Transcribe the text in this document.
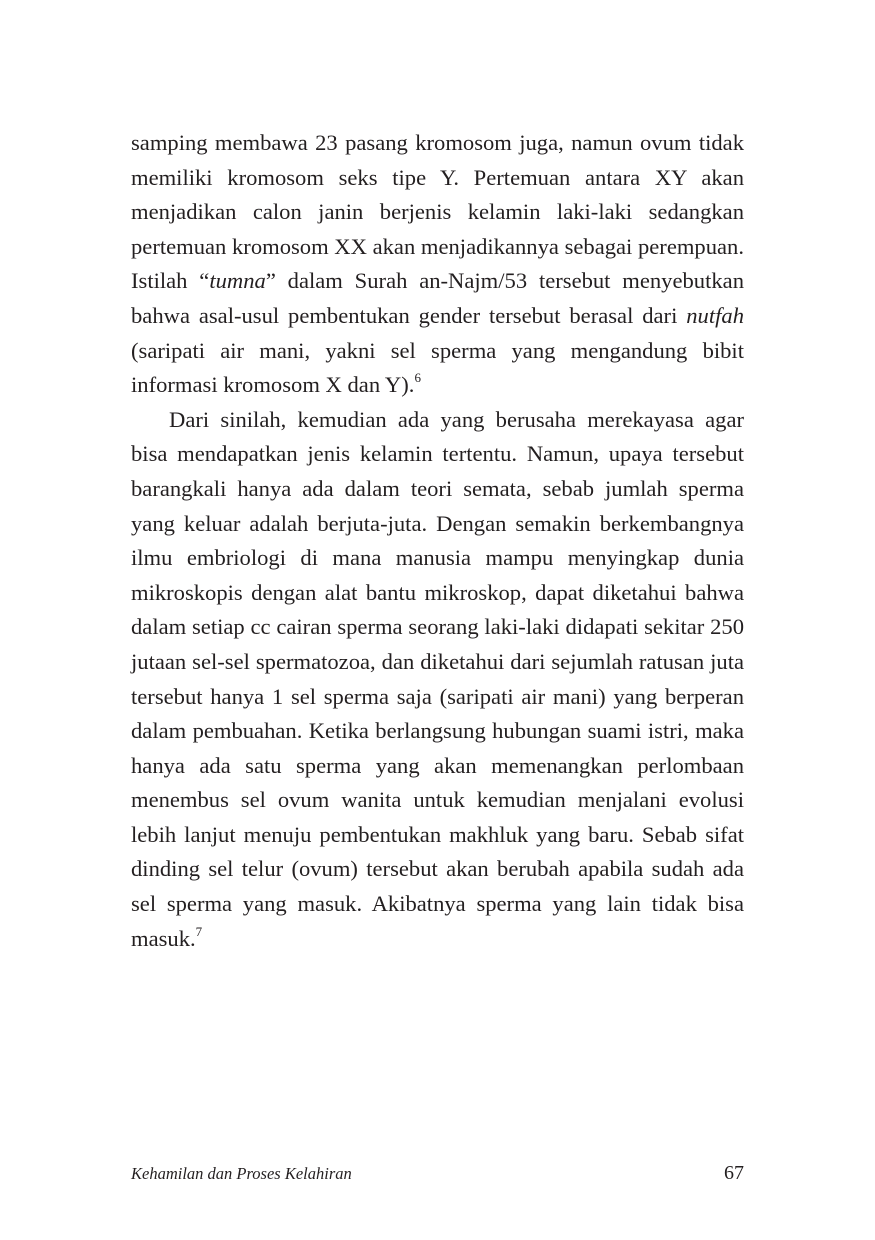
samping membawa 23 pasang kromosom juga, namun ovum tidak memiliki kromosom seks tipe Y. Pertemuan antara XY akan menjadikan calon janin berjenis kelamin laki-laki sedangkan pertemuan kromosom XX akan menjadikannya sebagai perempuan. Istilah “tumna” dalam Surah an-Najm/53 tersebut menyebutkan bahwa asal-usul pembentukan gender tersebut berasal dari nutfah (saripati air mani, yakni sel sperma yang mengandung bibit informasi kromosom X dan Y).$^6$

Dari sinilah, kemudian ada yang berusaha merekayasa agar bisa mendapatkan jenis kelamin tertentu. Namun, upaya tersebut barangkali hanya ada dalam teori semata, sebab jumlah sperma yang keluar adalah berjuta-juta. Dengan semakin berkembangnya ilmu embriologi di mana manusia mampu menyingkap dunia mikroskopis dengan alat bantu mikroskop, dapat diketahui bahwa dalam setiap cc cairan sperma seorang laki-laki didapati sekitar 250 jutaan sel-sel spermatozoa, dan diketahui dari sejumlah ratusan juta tersebut hanya 1 sel sperma saja (saripati air mani) yang berperan dalam pembuahan. Ketika berlangsung hubungan suami istri, maka hanya ada satu sperma yang akan memenangkan perlombaan menembus sel ovum wanita untuk kemudian menjalani evolusi lebih lanjut menuju pembentukan makhluk yang baru. Sebab sifat dinding sel telur (ovum) tersebut akan berubah apabila sudah ada sel sperma yang masuk. Akibatnya sperma yang lain tidak bisa masuk.$^7$

Kehamilan dan Proses Kelahiran	67
